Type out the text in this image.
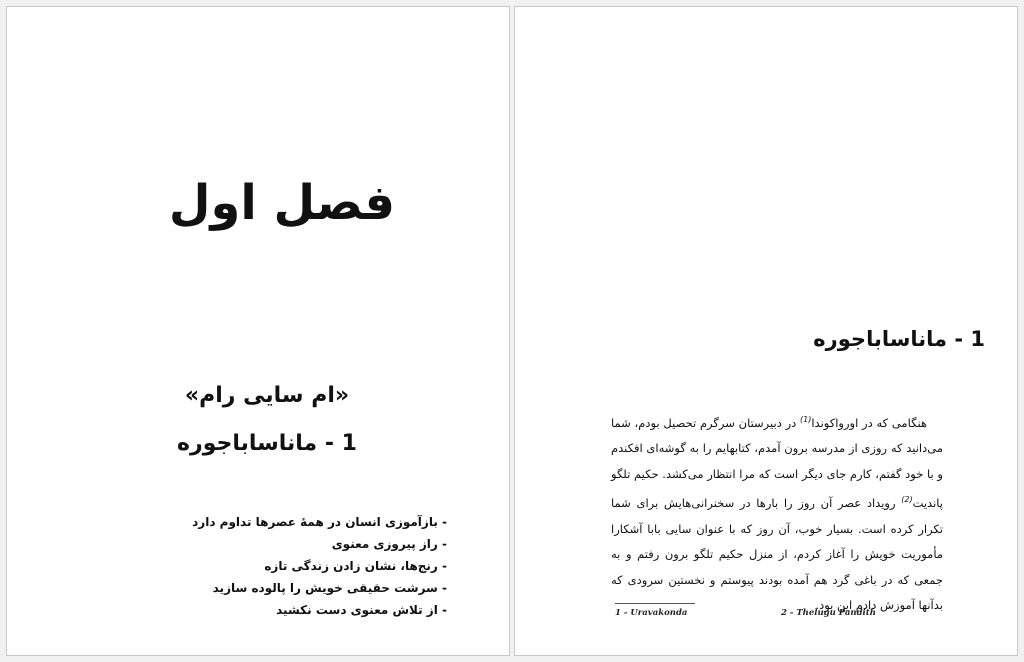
فصل اول
«ام سایی رام»
1 - ماناساباجوره
- بازآموزی انسان در همۀ عصرها تداوم دارد
- راز پیروزی معنوی
- رنج‌ها، نشان زادن زندگی تازه
- سرشت حقیقی خویش را پالوده سازید
- از تلاش معنوی دست نکشید
1 - ماناساباجوره

هنگامی که در اورواکوندا$^{(1)}$ در دبیرستان سرگرم تحصیل بودم، شما می‌دانید که روزی از مدرسه برون آمدم، کتابهایم را به گوشه‌ای افکندم و با خود گفتم، کارم جای دیگر است که مرا انتظار می‌کشد. حکیم تلگو پاندیت$^{(2)}$ رویداد عصر آن روز را بارها در سخنرانی‌هایش برای شما تکرار کرده است. بسیار خوب، آن روز که با عنوان سایی بابا آشکارا مأموریت خویش را آغاز کردم، از منزل حکیم تلگو برون رفتم و به جمعی که در باغی گرد هم آمده بودند پیوستم و نخستین سرودی که بدآنها آموزش دادم این بود.

1 - Uravakonda	2 - Thelugu Pandith
